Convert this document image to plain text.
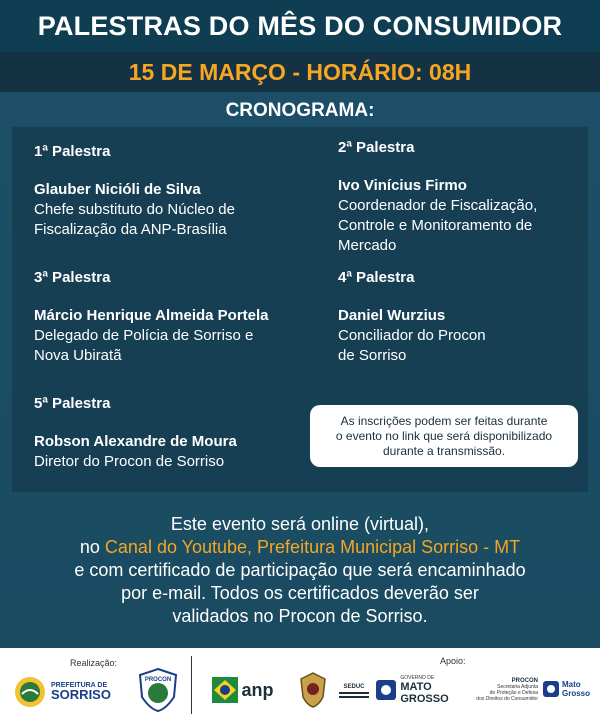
PALESTRAS DO MÊS DO CONSUMIDOR
15 DE MARÇO - HORÁRIO: 08H
CRONOGRAMA:
1ª Palestra
Glauber Nicióli de Silva
Chefe substituto do Núcleo de
Fiscalização da ANP-Brasília
2ª Palestra
Ivo Vinícius Firmo
Coordenador de Fiscalização,
Controle e Monitoramento de
Mercado
3ª Palestra
Márcio Henrique Almeida Portela
Delegado de Polícia de Sorriso e
Nova Ubiratã
4ª Palestra
Daniel Wurzius
Conciliador do Procon
de Sorriso
5ª Palestra
Robson Alexandre de Moura
Diretor do Procon de Sorriso
As inscrições podem ser feitas durante
o evento no link que será disponibilizado
durante a transmissão.
Este evento será online (virtual),
no Canal do Youtube, Prefeitura Municipal Sorriso - MT
e com certificado de participação que será encaminhado
por e-mail. Todos os certificados deverão ser
validados no Procon de Sorriso.
Realização:	Apoio:
PREFEITURA DE
SORRISO
PROCON	anp	SEDUC
GOVERNO DE
MATO
GROSSO
PROCON
Secretaria Adjunta
de Proteção e Defesa
dos Direitos do Consumidor
Mato Grosso
